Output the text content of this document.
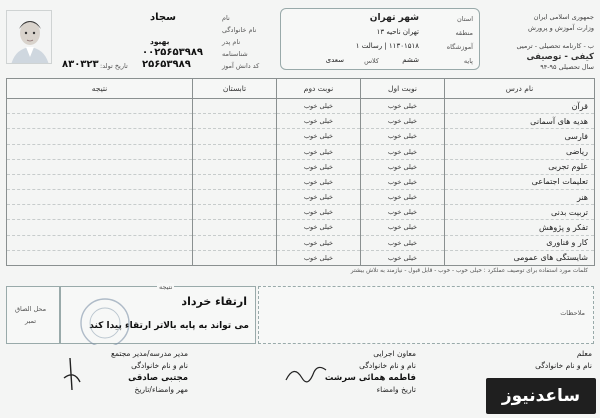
جمهوری اسلامی ایران
وزارت آموزش و پرورش
ب - کارنامه تحصیلی - ترمیی
کیفی - توصیفی
سال تحصیلی ۹۵-۹۴
استان
شهر تهران
منطقه
تهران ناحیه ۱۳
آموزشگاه
۱۱۳۰۱۵۱۸ | رسالت ۱
پایه
ششم
کلاس
سعدی
نام
سجاد
نام خانوادگی
نام پدر
بهبود
شناسنامه
۰۰۲۵۶۵۳۹۸۹
کد دانش آموز
۲۵۶۵۳۹۸۹
تاریخ تولد:
۸۳۰۳۲۳
نام درس	نوبت اول	نوبت دوم	تابستان	نتیجه
قرآن	خیلی خوب	خیلی خوب		
هدیه های آسمانی	خیلی خوب	خیلی خوب		
فارسی	خیلی خوب	خیلی خوب		
ریاضی	خیلی خوب	خیلی خوب		
علوم تجربی	خیلی خوب	خیلی خوب		
تعلیمات اجتماعی	خیلی خوب	خیلی خوب		
هنر	خیلی خوب	خیلی خوب		
تربیت بدنی	خیلی خوب	خیلی خوب		
تفکر و پژوهش	خیلی خوب	خیلی خوب		
کار و فناوری	خیلی خوب	خیلی خوب		
شایستگی های عمومی	خیلی خوب	خیلی خوب		
کلمات مورد استفاده برای توصیف عملکرد : خیلی خوب - خوب - قابل قبول - نیازمند به تلاش بیشتر
محل الصاق
تمبر
نتیجه
ارتقاء خرداد
می تواند به پایه بالاتر ارتقاء پیدا کند
ملاحظات
مدیر مدرسه/مدیر مجتمع
نام و نام خانوادگی
مجتبی صادقی
مهر وامضاء/تاریخ
معاون اجرایی
نام و نام خانوادگی
فاطمه همائی سرشت
تاریخ وامضاء
معلم
نام و نام خانوادگی
ساعدنیوز
